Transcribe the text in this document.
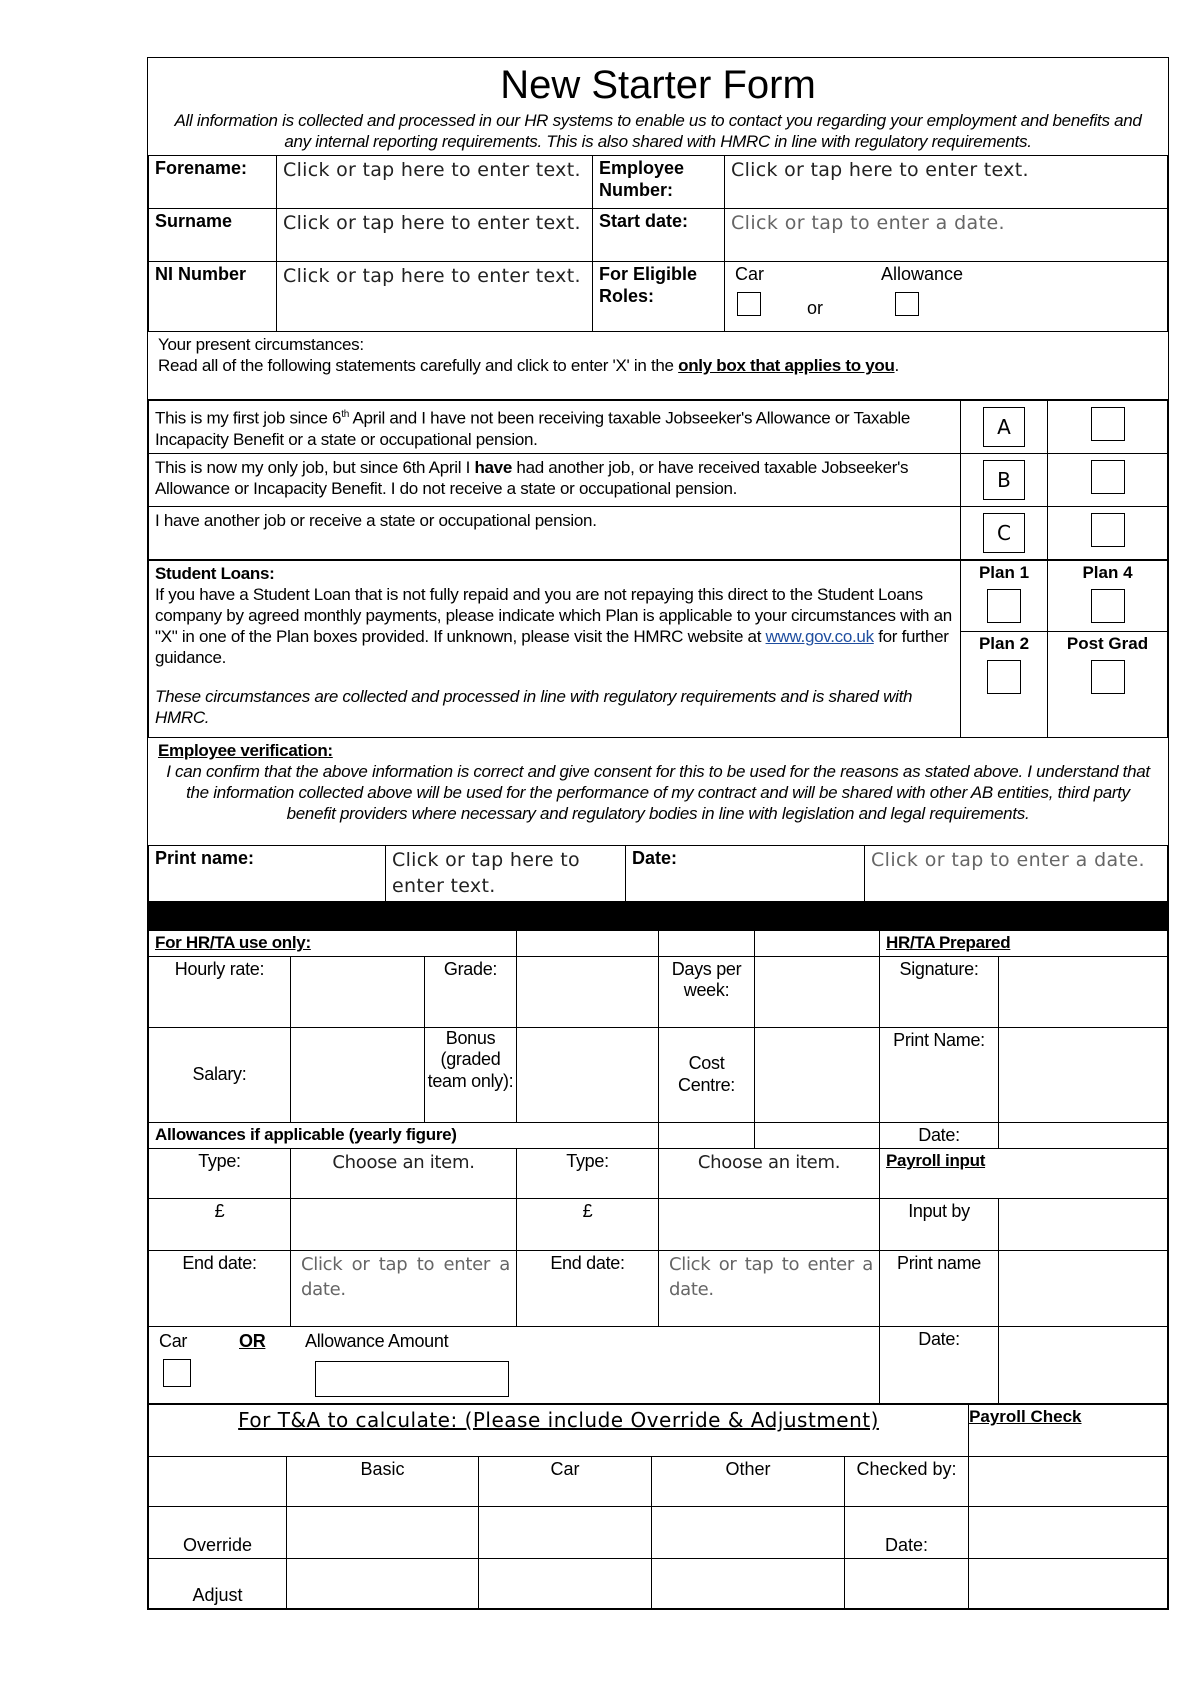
New Starter Form
All information is collected and processed in our HR systems to enable us to contact you regarding your employment and benefits and any internal reporting requirements. This is also shared with HMRC in line with regulatory requirements.
Forename:	Click or tap here to enter text.	Employee Number:	Click or tap here to enter text.
Surname	Click or tap here to enter text.	Start date:	Click or tap to enter a date.
NI Number	Click or tap here to enter text.	For Eligible Roles:	Car
or
Allowance
Your present circumstances:
Read all of the following statements carefully and click to enter 'X' in the only box that applies to you.
This is my first job since 6th April and I have not been receiving taxable Jobseeker's Allowance or Taxable Incapacity Benefit or a state or occupational pension.	A	
This is now my only job, but since 6th April I have had another job, or have received taxable Jobseeker's Allowance or Incapacity Benefit. I do not receive a state or occupational pension.	B	
I have another job or receive a state or occupational pension.	C	
Student Loans:
If you have a Student Loan that is not fully repaid and you are not repaying this direct to the Student Loans company by agreed monthly payments, please indicate which Plan is applicable to your circumstances with an "X" in one of the Plan boxes provided. If unknown, please visit the HMRC website at www.gov.co.uk for further guidance.
These circumstances are collected and processed in line with regulatory requirements and is shared with HMRC.	Plan 1	Plan 4

	Plan 2	Post Grad
Employee verification:
I can confirm that the above information is correct and give consent for this to be used for the reasons as stated above. I understand that the information collected above will be used for the performance of my contract and will be shared with other AB entities, third party benefit providers where necessary and regulatory bodies in line with legislation and legal requirements.
Print name:	Click or tap here to enter text.	Date:	Click or tap to enter a date.
For HR/TA use only:						HR/TA Prepared	
Hourly rate:		Grade:		Days per week:		Signature:	
Salary:		Bonus (graded team only):		Cost Centre:		Print Name:	
Allowances if applicable (yearly figure)						Date:	
Type:	Choose an item.		Type:	Choose an item.		Payroll input	
£			£			Input by	
End date:	Click or tap to enter a date.		End date:	Click or tap to enter a date.		Print name	

Car OR Allowance Amount						Date:	
For T&A to calculate: (Please include Override & Adjustment)	Payroll Check
	Basic	Car	Other	Checked by:	
Override				Date:	
Adjust					
